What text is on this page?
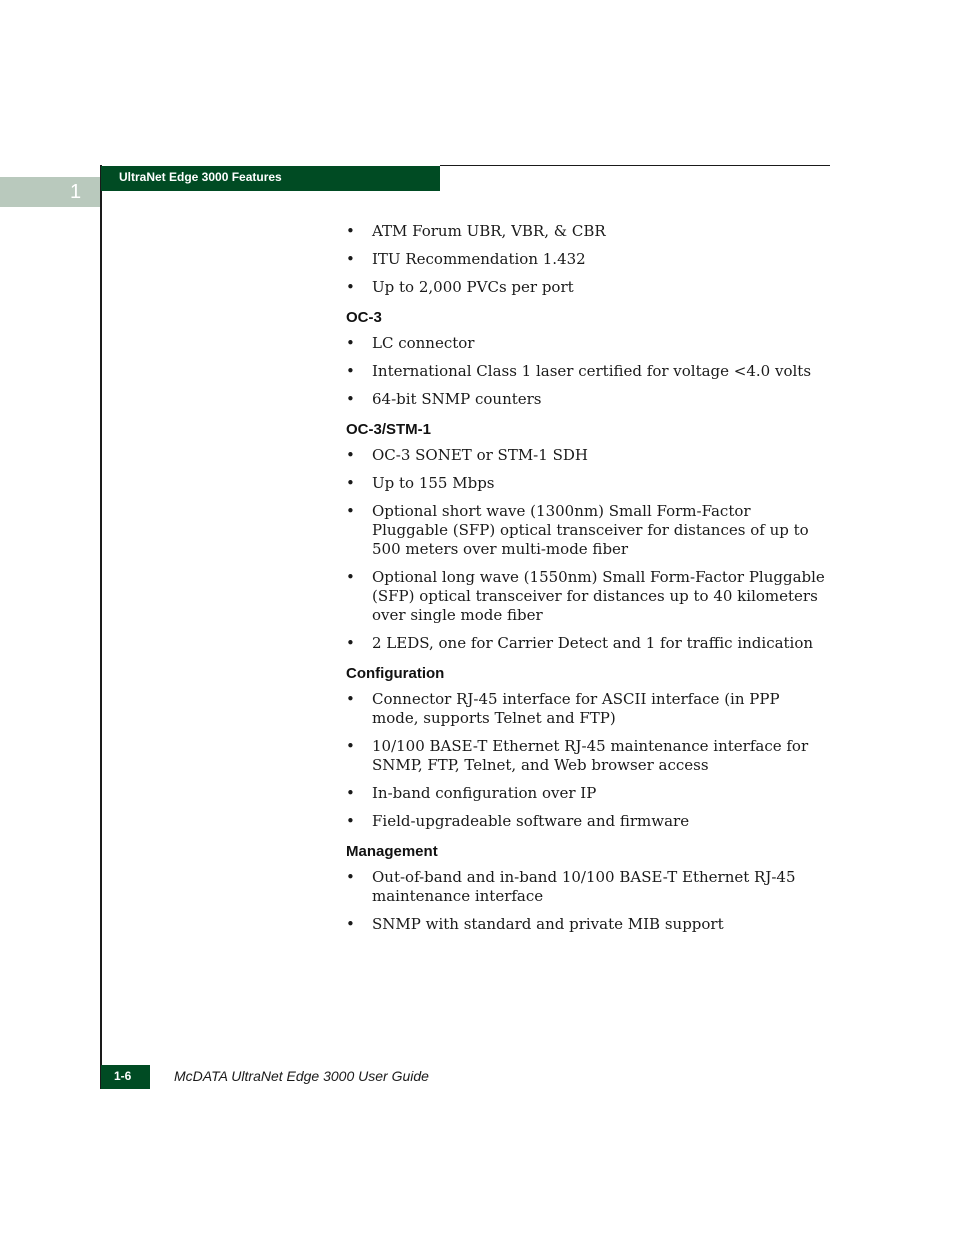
1
UltraNet Edge 3000 Features
• ATM Forum UBR, VBR, & CBR
• ITU Recommendation 1.432
• Up to 2,000 PVCs per port
OC-3
• LC connector
• International Class 1 laser certified for voltage <4.0 volts
• 64-bit SNMP counters
OC-3/STM-1
• OC-3 SONET or STM-1 SDH
• Up to 155 Mbps
• Optional short wave (1300nm) Small Form-Factor Pluggable (SFP) optical transceiver for distances of up to 500 meters over multi-mode fiber
• Optional long wave (1550nm) Small Form-Factor Pluggable (SFP) optical transceiver for distances up to 40 kilometers over single mode fiber
• 2 LEDS, one for Carrier Detect and 1 for traffic indication
Configuration
• Connector RJ-45 interface for ASCII interface (in PPP mode, supports Telnet and FTP)
• 10/100 BASE-T Ethernet RJ-45 maintenance interface for SNMP, FTP, Telnet, and Web browser access
• In-band configuration over IP
• Field-upgradeable software and firmware
Management
• Out-of-band and in-band 10/100 BASE-T Ethernet RJ-45 maintenance interface
• SNMP with standard and private MIB support
1-6	McDATA UltraNet Edge 3000 User Guide
